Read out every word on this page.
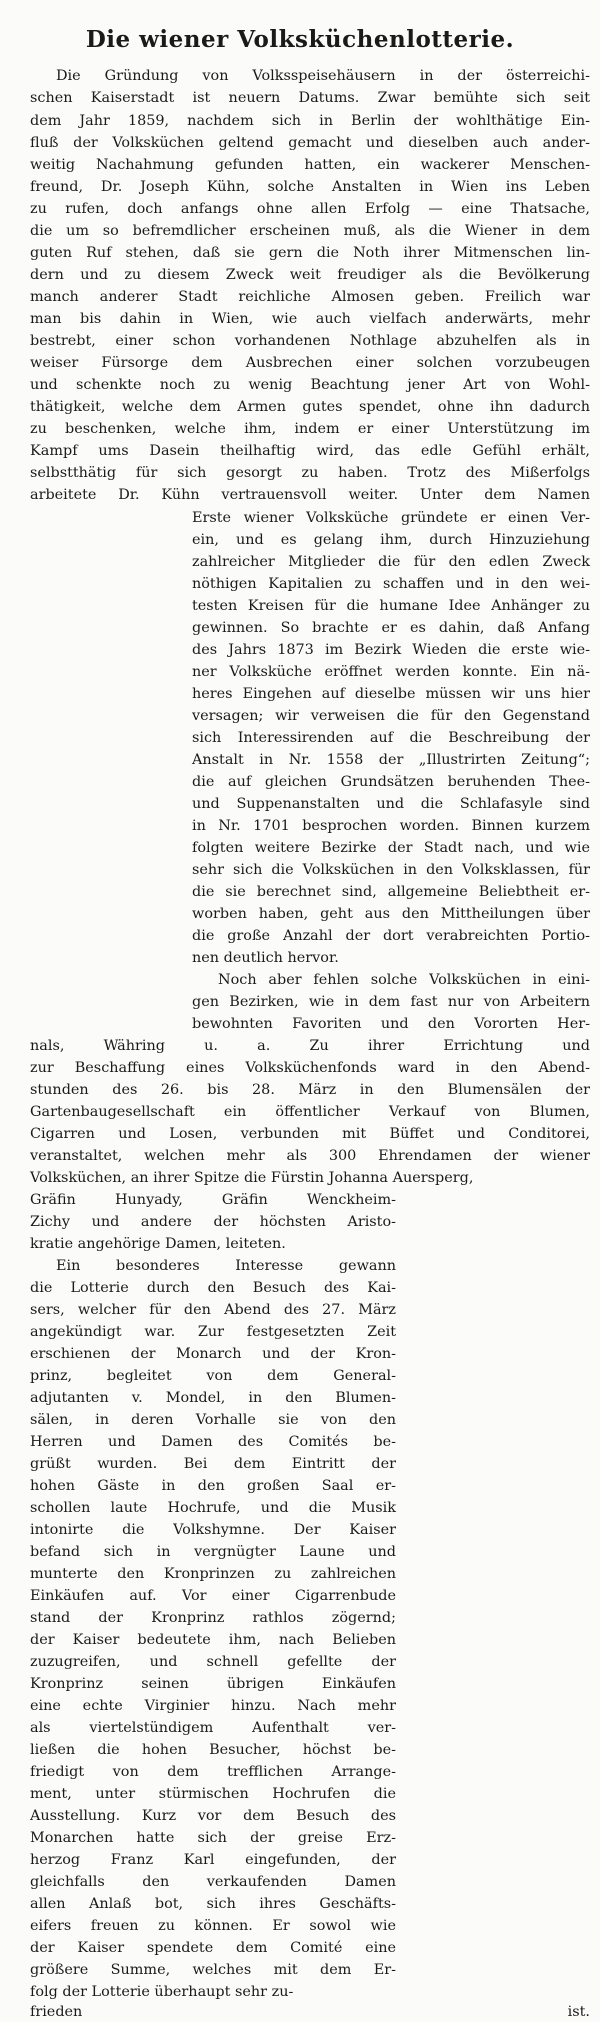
Die wiener Volksküchenlotterie.
Die Gründung von Volksspeisehäusern in der österreichi-
schen Kaiserstadt ist neuern Datums. Zwar bemühte sich seit
dem Jahr 1859, nachdem sich in Berlin der wohlthätige Ein-
fluß der Volksküchen geltend gemacht und dieselben auch ander-
weitig Nachahmung gefunden hatten, ein wackerer Menschen-
freund, Dr. Joseph Kühn, solche Anstalten in Wien ins Leben
zu rufen, doch anfangs ohne allen Erfolg — eine Thatsache,
die um so befremdlicher erscheinen muß, als die Wiener in dem
guten Ruf stehen, daß sie gern die Noth ihrer Mitmenschen lin-
dern und zu diesem Zweck weit freudiger als die Bevölkerung
manch anderer Stadt reichliche Almosen geben. Freilich war
man bis dahin in Wien, wie auch vielfach anderwärts, mehr
bestrebt, einer schon vorhandenen Nothlage abzuhelfen als in
weiser Fürsorge dem Ausbrechen einer solchen vorzubeugen
und schenkte noch zu wenig Beachtung jener Art von Wohl-
thätigkeit, welche dem Armen gutes spendet, ohne ihn dadurch
zu beschenken, welche ihm, indem er einer Unterstützung im
Kampf ums Dasein theilhaftig wird, das edle Gefühl erhält,
selbstthätig für sich gesorgt zu haben. Trotz des Mißerfolgs
arbeitete Dr. Kühn vertrauensvoll weiter. Unter dem Namen
Erste wiener Volksküche gründete er einen Ver-
ein, und es gelang ihm, durch Hinzuziehung
zahlreicher Mitglieder die für den edlen Zweck
nöthigen Kapitalien zu schaffen und in den wei-
testen Kreisen für die humane Idee Anhänger zu
gewinnen. So brachte er es dahin, daß Anfang
des Jahrs 1873 im Bezirk Wieden die erste wie-
ner Volksküche eröffnet werden konnte. Ein nä-
heres Eingehen auf dieselbe müssen wir uns hier
versagen; wir verweisen die für den Gegenstand
sich Interessirenden auf die Beschreibung der
Anstalt in Nr. 1558 der „Illustrirten Zeitung“;
die auf gleichen Grundsätzen beruhenden Thee-
und Suppenanstalten und die Schlafasyle sind
in Nr. 1701 besprochen worden. Binnen kurzem
folgten weitere Bezirke der Stadt nach, und wie
sehr sich die Volksküchen in den Volksklassen, für
die sie berechnet sind, allgemeine Beliebtheit er-
worben haben, geht aus den Mittheilungen über
die große Anzahl der dort verabreichten Portio-
nen deutlich hervor.
Noch aber fehlen solche Volksküchen in eini-
gen Bezirken, wie in dem fast nur von Arbeitern
bewohnten Favoriten und den Vororten Her-
nals, Währing u. a. Zu ihrer Errichtung und
zur Beschaffung eines Volksküchenfonds ward in den Abend-
stunden des 26. bis 28. März in den Blumensälen der
Gartenbaugesellschaft ein öffentlicher Verkauf von Blumen,
Cigarren und Losen, verbunden mit Büffet und Conditorei,
veranstaltet, welchen mehr als 300 Ehrendamen der wiener
Volksküchen, an ihrer Spitze die Fürstin Johanna Auersperg,
Gräfin Hunyady, Gräfin Wenckheim-
Zichy und andere der höchsten Aristo-
kratie angehörige Damen, leiteten.
Ein besonderes Interesse gewann
die Lotterie durch den Besuch des Kai-
sers, welcher für den Abend des 27. März
angekündigt war. Zur festgesetzten Zeit
erschienen der Monarch und der Kron-
prinz, begleitet von dem General-
adjutanten v. Mondel, in den Blumen-
sälen, in deren Vorhalle sie von den
Herren und Damen des Comités be-
grüßt wurden. Bei dem Eintritt der
hohen Gäste in den großen Saal er-
schollen laute Hochrufe, und die Musik
intonirte die Volkshymne. Der Kaiser
befand sich in vergnügter Laune und
munterte den Kronprinzen zu zahlreichen
Einkäufen auf. Vor einer Cigarrenbude
stand der Kronprinz rathlos zögernd;
der Kaiser bedeutete ihm, nach Belieben
zuzugreifen, und schnell gefellte der
Kronprinz seinen übrigen Einkäufen
eine echte Virginier hinzu. Nach mehr
als viertelstündigem Aufenthalt ver-
ließen die hohen Besucher, höchst be-
friedigt von dem trefflichen Arrange-
ment, unter stürmischen Hochrufen die
Ausstellung. Kurz vor dem Besuch des
Monarchen hatte sich der greise Erz-
herzog Franz Karl eingefunden, der
gleichfalls den verkaufenden Damen
allen Anlaß bot, sich ihres Geschäfts-
eifers freuen zu können. Er sowol wie
der Kaiser spendete dem Comité eine
größere Summe, welches mit dem Er-
folg der Lotterie überhaupt sehr zu-
frieden ist.
